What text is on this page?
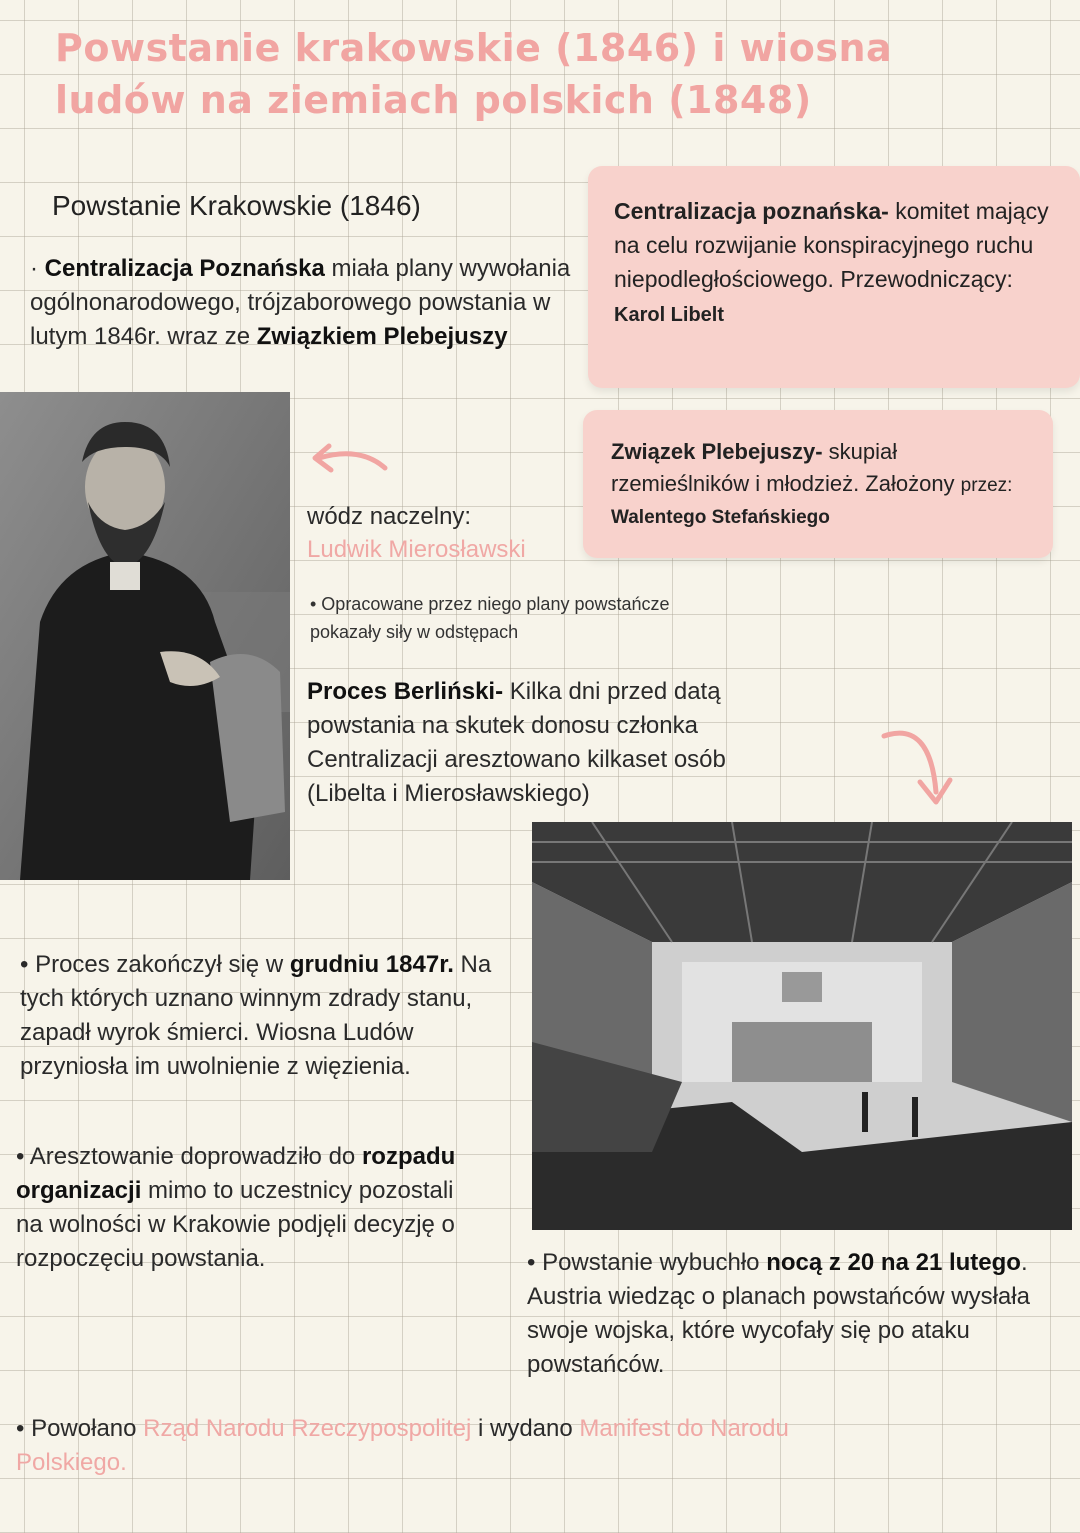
Powstanie krakowskie (1846) i wiosna ludów na ziemiach polskich (1848)
Powstanie Krakowskie (1846)
· Centralizacja Poznańska miała plany wywołania ogólnonarodowego, trójzaborowego powstania w lutym 1846r. wraz ze Związkiem Plebejuszy
Centralizacja poznańska- komitet mający na celu rozwijanie konspiracyjnego ruchu niepodległościowego. Przewodniczący: Karol Libelt
Związek Plebejuszy- skupiał rzemieślników i młodzież. Założony przez: Walentego Stefańskiego
wódz naczelny:
Ludwik Mierosławski
• Opracowane przez niego plany powstańcze pokazały siły w odstępach
Proces Berliński- Kilka dni przed datą powstania na skutek donosu członka Centralizacji aresztowano kilkaset osób (Libelta i Mierosławskiego)
• Proces zakończył się w grudniu 1847r. Na tych których uznano winnym zdrady stanu, zapadł wyrok śmierci. Wiosna Ludów przyniosła im uwolnienie z więzienia.
• Aresztowanie doprowadziło do rozpadu organizacji mimo to uczestnicy pozostali na wolności w Krakowie podjęli decyzję o rozpoczęciu powstania.	• Powstanie wybuchło nocą z 20 na 21 lutego. Austria wiedząc o planach powstańców wysłała swoje wojska, które wycofały się po ataku powstańców.
• Powołano Rząd Narodu Rzeczypospolitej i wydano Manifest do Narodu Polskiego.
